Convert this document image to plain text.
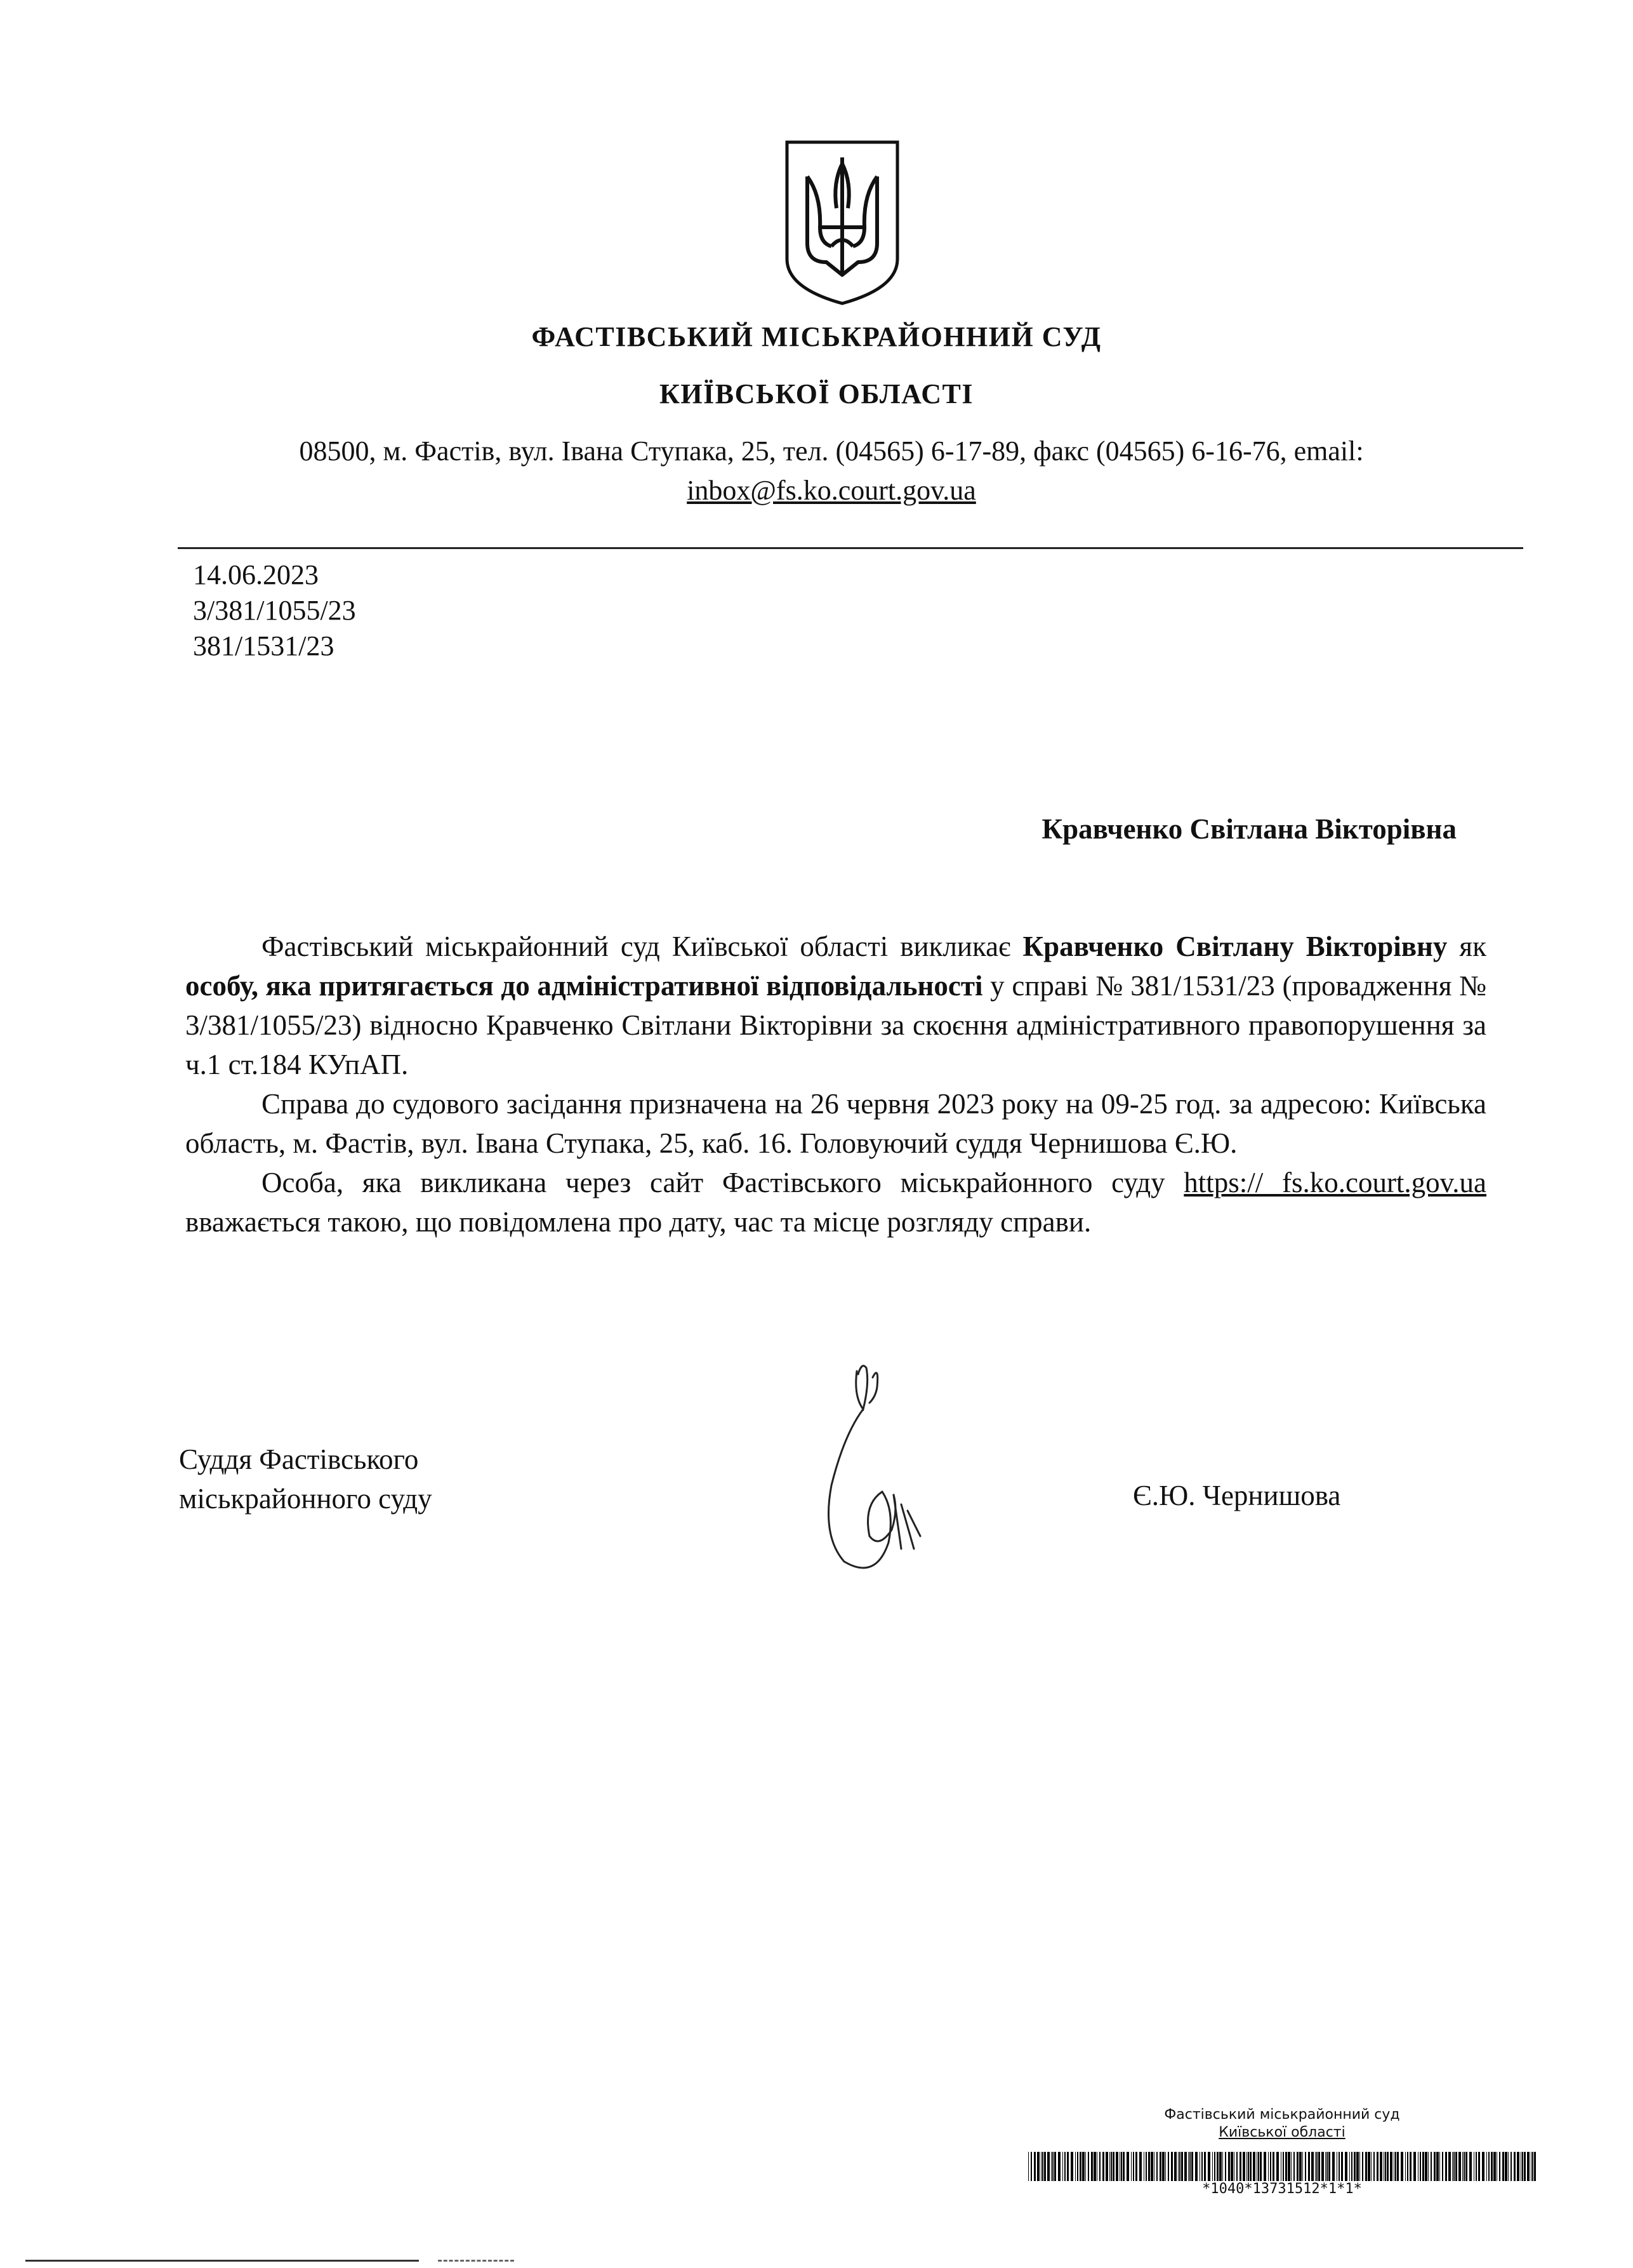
ФАСТІВСЬКИЙ МІСЬКРАЙОННИЙ СУД
КИЇВСЬКОЇ ОБЛАСТІ
08500, м. Фастів, вул. Івана Ступака, 25, тел. (04565) 6-17-89, факс (04565) 6-16-76, email:
inbox@fs.ko.court.gov.ua
14.06.2023
3/381/1055/23
381/1531/23
Кравченко Світлана Вікторівна

Фастівський міськрайонний суд Київської області викликає Кравченко Світлану Вікторівну як особу, яка притягається до адміністративної відповідальності у справі № 381/1531/23 (провадження № 3/381/1055/23) відносно Кравченко Світлани Вікторівни за скоєння адміністративного правопорушення за ч.1 ст.184 КУпАП.

Справа до судового засідання призначена на 26 червня 2023 року на 09-25 год. за адресою: Київська область, м. Фастів, вул. Івана Ступака, 25, каб. 16. Головуючий суддя Чернишова Є.Ю.

Особа, яка викликана через сайт Фастівського міськрайонного суду https:// fs.ko.court.gov.ua вважається такою, що повідомлена про дату, час та місце розгляду справи.

Суддя Фастівського
міськрайонного суду	Є.Ю. Чернишова
Фастівський міськрайонний суд
Київської області
*1040*13731512*1*1*
